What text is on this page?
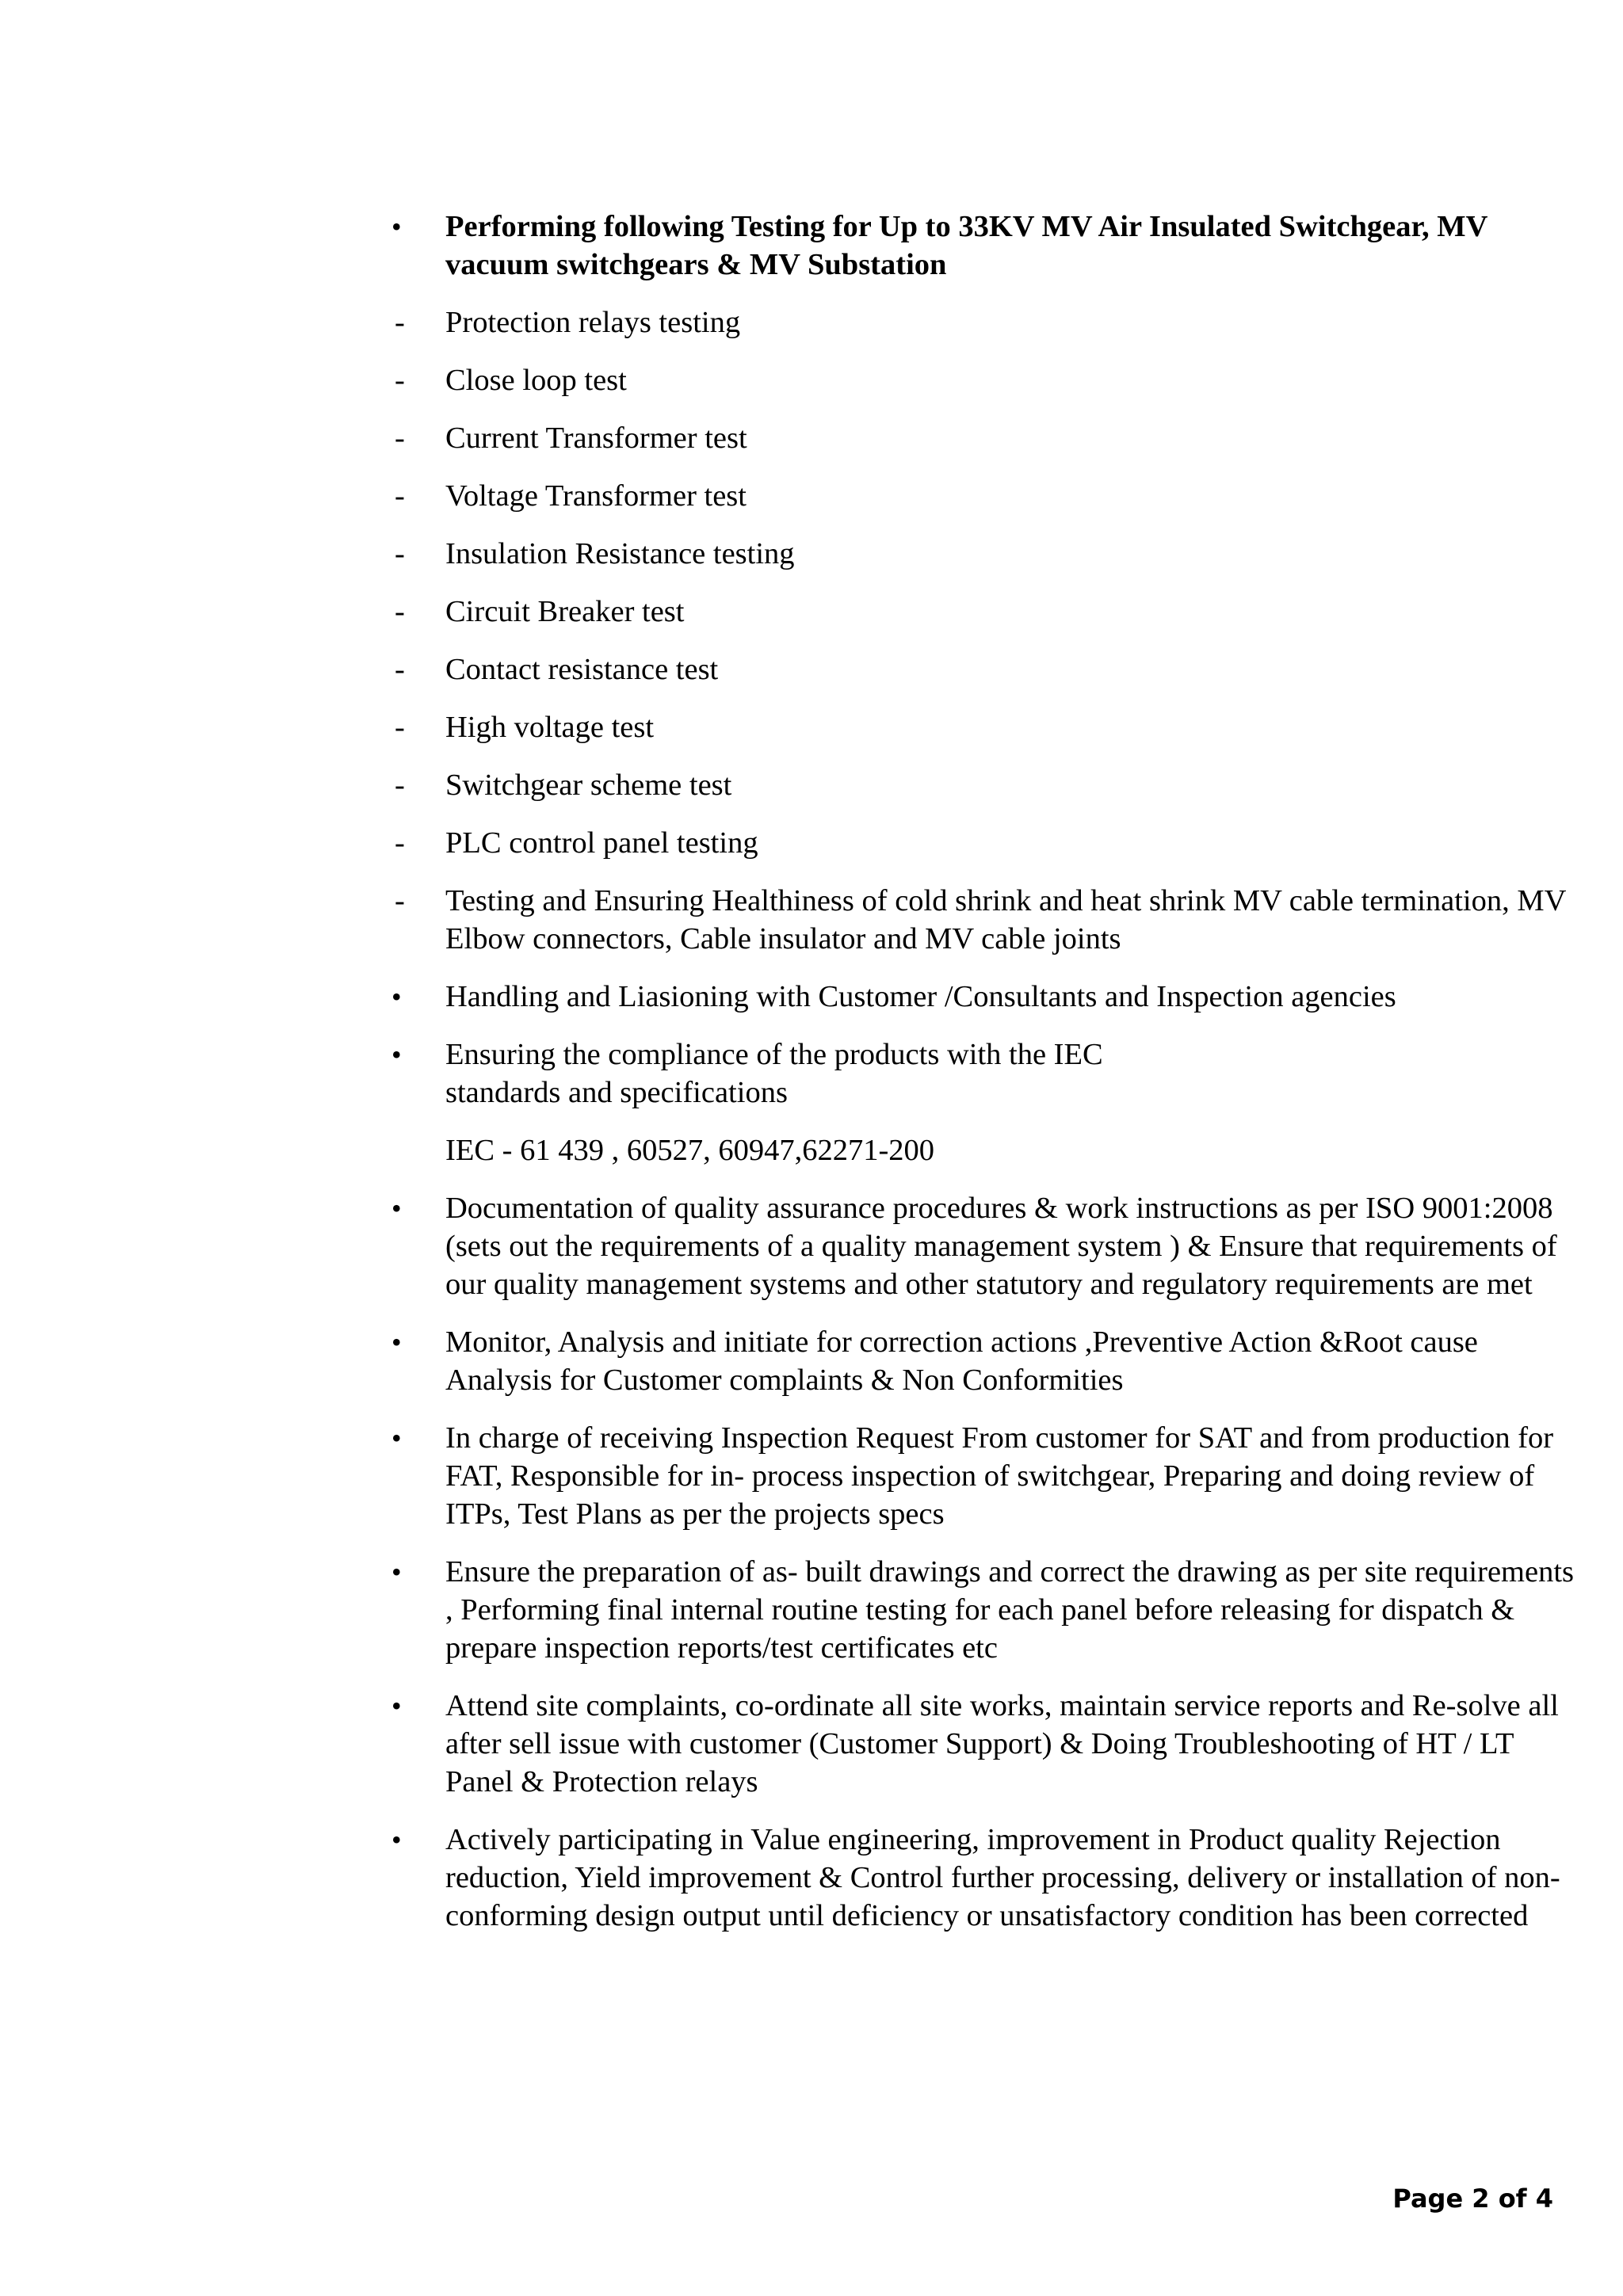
• Performing following Testing for Up to 33KV MV Air Insulated Switchgear, MV vacuum switchgears & MV Substation
- Protection relays testing
- Close loop test
- Current Transformer test
- Voltage Transformer test
- Insulation Resistance testing
- Circuit Breaker test
- Contact resistance test
- High voltage test
- Switchgear scheme test
- PLC control panel testing
- Testing and Ensuring Healthiness of cold shrink and heat shrink MV cable termination, MV Elbow connectors, Cable insulator and MV cable joints
• Handling and Liasioning with Customer /Consultants and Inspection agencies
• Ensuring the compliance of the products with the IEC
standards and specifications
IEC - 61 439 , 60527, 60947,62271-200
• Documentation of quality assurance procedures & work instructions as per ISO 9001:2008 (sets out the requirements of a quality management system ) & Ensure that requirements of our quality management systems and other statutory and regulatory requirements are met
• Monitor, Analysis and initiate for correction actions ,Preventive Action &Root cause Analysis for Customer complaints & Non Conformities
• In charge of receiving Inspection Request From customer for SAT and from production for FAT, Responsible for in- process inspection of switchgear, Preparing and doing review of ITPs, Test Plans as per the projects specs
• Ensure the preparation of as- built drawings and correct the drawing as per site requirements , Performing final internal routine testing for each panel before releasing for dispatch & prepare inspection reports/test certificates etc
• Attend site complaints, co-ordinate all site works, maintain service reports and Re-solve all after sell issue with customer (Customer Support) & Doing Troubleshooting of HT / LT Panel & Protection relays
• Actively participating in Value engineering, improvement in Product quality Rejection reduction, Yield improvement & Control further processing, delivery or installation of non-conforming design output until deficiency or unsatisfactory condition has been corrected
Page 2 of 4
